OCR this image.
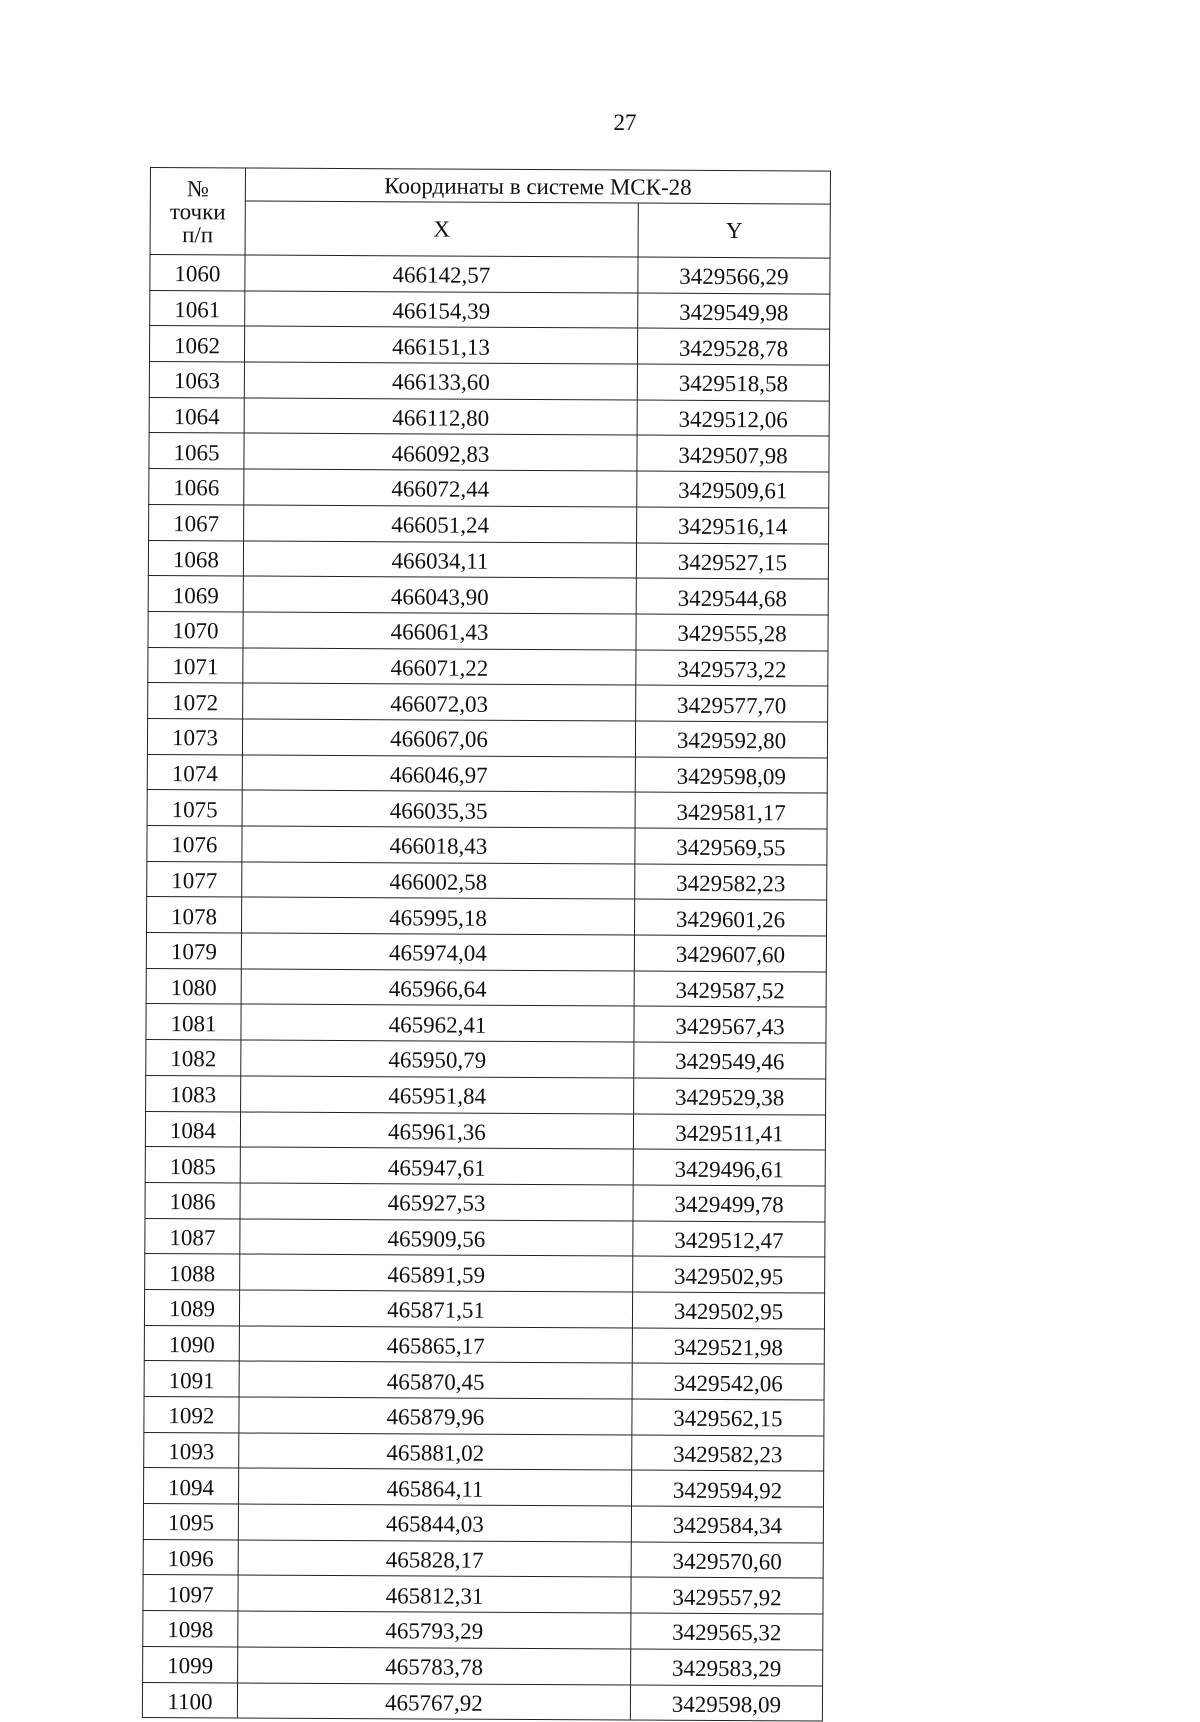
27
№
точки
п/п	Координаты в системе МСК-28	
	X	Y
1060	466142,57	3429566,29
1061	466154,39	3429549,98
1062	466151,13	3429528,78
1063	466133,60	3429518,58
1064	466112,80	3429512,06
1065	466092,83	3429507,98
1066	466072,44	3429509,61
1067	466051,24	3429516,14
1068	466034,11	3429527,15
1069	466043,90	3429544,68
1070	466061,43	3429555,28
1071	466071,22	3429573,22
1072	466072,03	3429577,70
1073	466067,06	3429592,80
1074	466046,97	3429598,09
1075	466035,35	3429581,17
1076	466018,43	3429569,55
1077	466002,58	3429582,23
1078	465995,18	3429601,26
1079	465974,04	3429607,60
1080	465966,64	3429587,52
1081	465962,41	3429567,43
1082	465950,79	3429549,46
1083	465951,84	3429529,38
1084	465961,36	3429511,41
1085	465947,61	3429496,61
1086	465927,53	3429499,78
1087	465909,56	3429512,47
1088	465891,59	3429502,95
1089	465871,51	3429502,95
1090	465865,17	3429521,98
1091	465870,45	3429542,06
1092	465879,96	3429562,15
1093	465881,02	3429582,23
1094	465864,11	3429594,92
1095	465844,03	3429584,34
1096	465828,17	3429570,60
1097	465812,31	3429557,92
1098	465793,29	3429565,32
1099	465783,78	3429583,29
1100	465767,92	3429598,09
